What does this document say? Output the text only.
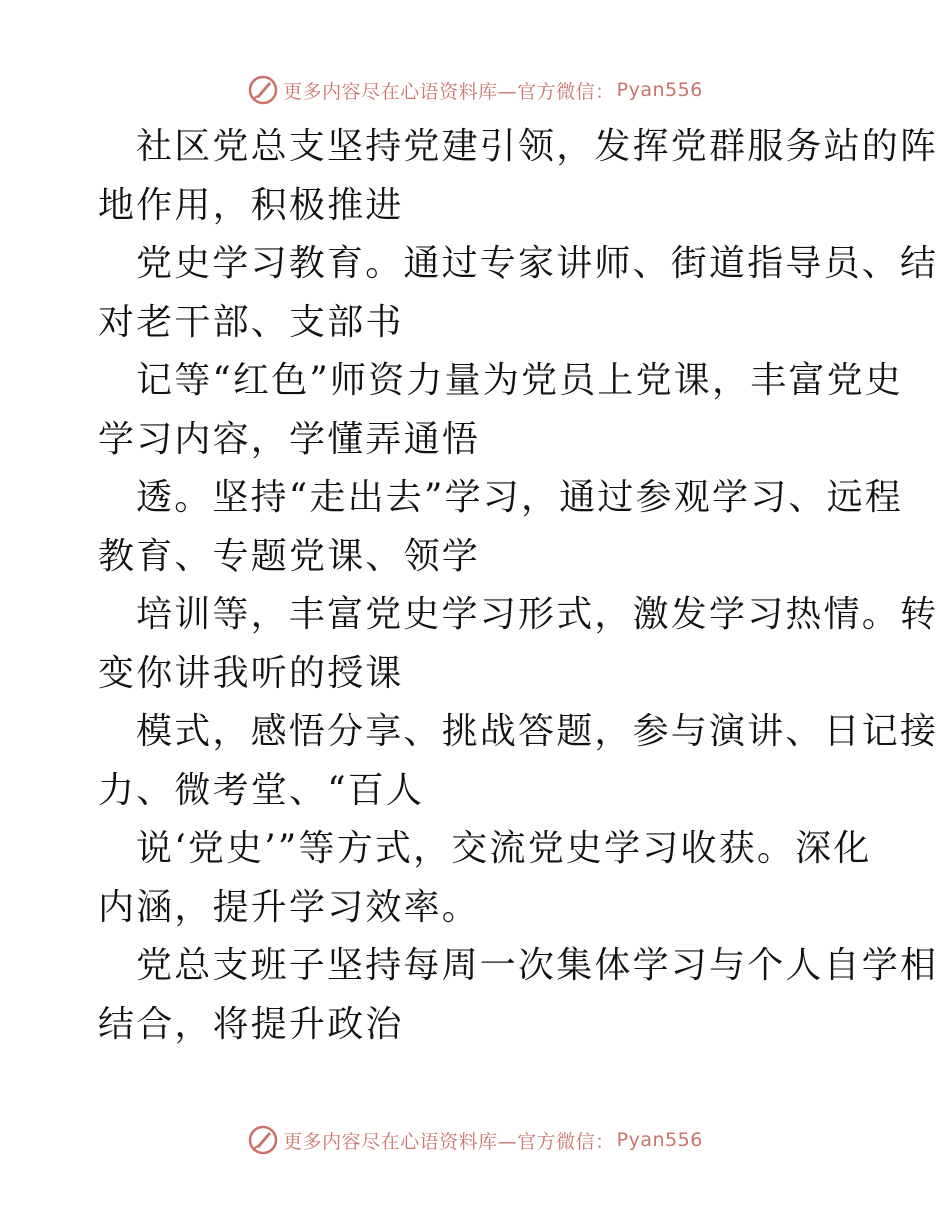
更多内容尽在心语资料库—官方微信： Pyan556
社区党总支坚持党建引领，发挥党群服务站的阵
地作用，积极推进
党史学习教育。通过专家讲师、街道指导员、结
对老干部、支部书
记等“红色”师资力量为党员上党课，丰富党史
学习内容，学懂弄通悟
透。坚持“走出去”学习，通过参观学习、远程
教育、专题党课、领学
培训等，丰富党史学习形式，激发学习热情。转
变你讲我听的授课
模式，感悟分享、挑战答题，参与演讲、日记接
力、微考堂、“百人
说‘党史’”等方式，交流党史学习收获。深化
内涵，提升学习效率。
党总支班子坚持每周一次集体学习与个人自学相
结合，将提升政治
更多内容尽在心语资料库—官方微信： Pyan556
